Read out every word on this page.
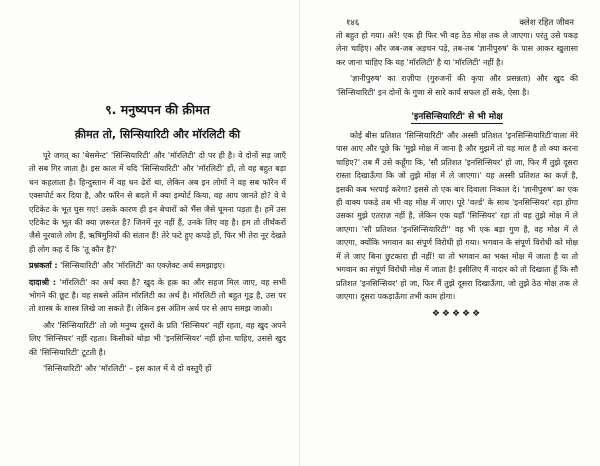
९. मनुष्यपन की क़ीमत
क़ीमत तो, सिन्सियारिटी और मॉरलिटी की

पूरे जगत् का 'बेसमेन्ट' 'सिन्सियारिटी' और 'मॉरलिटी' दो पर ही है। वे दोनों सड़ जाएँ तो सब गिर जाता है। इस काल में यदि 'सिन्सियारिटी' और 'मॉरलिटी' हों, तो वह बहुत बड़ा धन कहलाता है। हिन्दुस्तान में वह धन ढेरों था, लेकिन अब इन लोगों ने वह सब फॉरेन में एक्सपोर्ट कर दिया है, और फॉरेन से बदले में क्या इम्पोर्ट किया, वह आप जानते हो? वे ये एटिकेट के भूत घुस गए! उसके कारण ही इन बेचारों को भैंस जैसे घूमना पड़ता है। हमें उस एटिकेट के भूत की क्या ज़रूरत है? जिनमें नूर नहीं हैं, उनके लिए वह है। हम तो तीर्थंकरों जैसे नूरवाले लोग हैं, ऋषिमुनियों की संतान हैं! तेरे फटे हुए कपड़े हों, फिर भी तेरा नूर देखते ही लोग कह दें कि 'तू कौन है?'

प्रश्नकर्ता : 'सिन्सियारिटी' और 'मॉरलिटी' का एक्ज़ेक्ट अर्थ समझाइए।

दादाश्री : 'मॉरलिटी' का अर्थ क्या है? खुद के हक़ का और सहज मिल जाए, वह सभी भोगने की छूट है। वह सबसे अंतिम मॉरलिटी का अर्थ है। मॉरलिटी तो बहुत गूढ़ है, उस पर तो शास्त्र के शास्त्र लिखे जा सकते हैं। लेकिन इस अंतिम अर्थ पर से आप समझ जाओ।

और 'सिन्सियारिटी' तो जो मनुष्य दूसरों के प्रति 'सिन्सियर' नहीं रहता, वह खुद अपने लिए 'सिन्सियर' नहीं रहता। किसीको थोड़ा भी 'इनसिन्सियर' नहीं होना चाहिए, उससे खुद की 'सिन्सियारिटी' टूटती है।

'सिन्सियारिटी' और 'मॉरलिटी' – इस काल में ये दो वस्तुएँ हों

१४६	क्लेश रहित जीवन

तो बहुत हो गया। अरे! एक ही फिर भी वह ठेठ मोक्ष तक ले जाएगा। परंतु उसे पकड़ लेना चाहिए। और जब-जब अड़चन पड़े, तब-तब 'ज्ञानीपुरुष' के पास आकर खुलासा कर जाना चाहिए कि यह 'मॉरलिटी' है या 'मॉरलिटी' नहीं है।

'ज्ञानीपुरुष' का राज़ीपा (गुरुजनों की कृपा और प्रसन्नता) और खुद की 'सिन्सियारिटी' इन दोनों के गुणा से सारे कार्य सफल हों सके, ऐसा है।

'इनसिन्सियारिटी' से भी मोक्ष

कोई बीस प्रतिशत 'सिन्सियारिटी' और अस्सी प्रतिशत 'इनसिन्सियारिटी'वाला मेरे पास आए और पूछे कि 'मुझे मोक्ष में जाना है और मुझमें तो यह माल है तो क्या करना चाहिए?' तब मैं उसे कहूँगा कि, 'सौ प्रतिशत 'इनसिन्सियर' हो जा, फिर मैं तुझे दूसरा रास्ता दिखाऊँगा कि जो तुझे मोक्ष में ले जाएगा।' यह अस्सी प्रतिशत का कर्ज़ है, इसकी कब भरपाई करेगा? इससे तो एक बार दिवाला निकाल दे। 'ज्ञानीपुरुष' का एक ही वाक्य पकड़े तब भी वह मोक्ष में जाए। पूरे 'वर्ल्ड' के साथ 'इनसिन्सियर' रहा होगा उसका मुझे एतराज़ नहीं है, लेकिन एक यहाँ 'सिन्सियर' रहा तो वह तुझे मोक्ष में ले जाएगा। 'सौ प्रतिशत 'इनसिन्सियारिटी'' वह भी एक बड़ा गुण है, वह मोक्ष में ले जाएगा, क्योंकि भगवान का संपूर्ण विरोधी हो गया। भगवान के संपूर्ण विरोधी को मोक्ष में ले जाए बिना छुटकारा ही नहीं! या तो भगवान का भक्त मोक्ष में जाता है या तो भगवान का संपूर्ण विरोधी मोक्ष में जाता है! इसीलिए मैं नादार को तो दिखाता हूँ कि सौ प्रतिशत 'इनसिन्सियर' हो जा, फिर मैं तुझे दूसरा दिखाऊँगा, जो तुझे ठेठ मोक्ष तक ले जाएगा। दूसरा पकड़ाऊँगा तभी काम होगा।

❖❖❖❖❖
